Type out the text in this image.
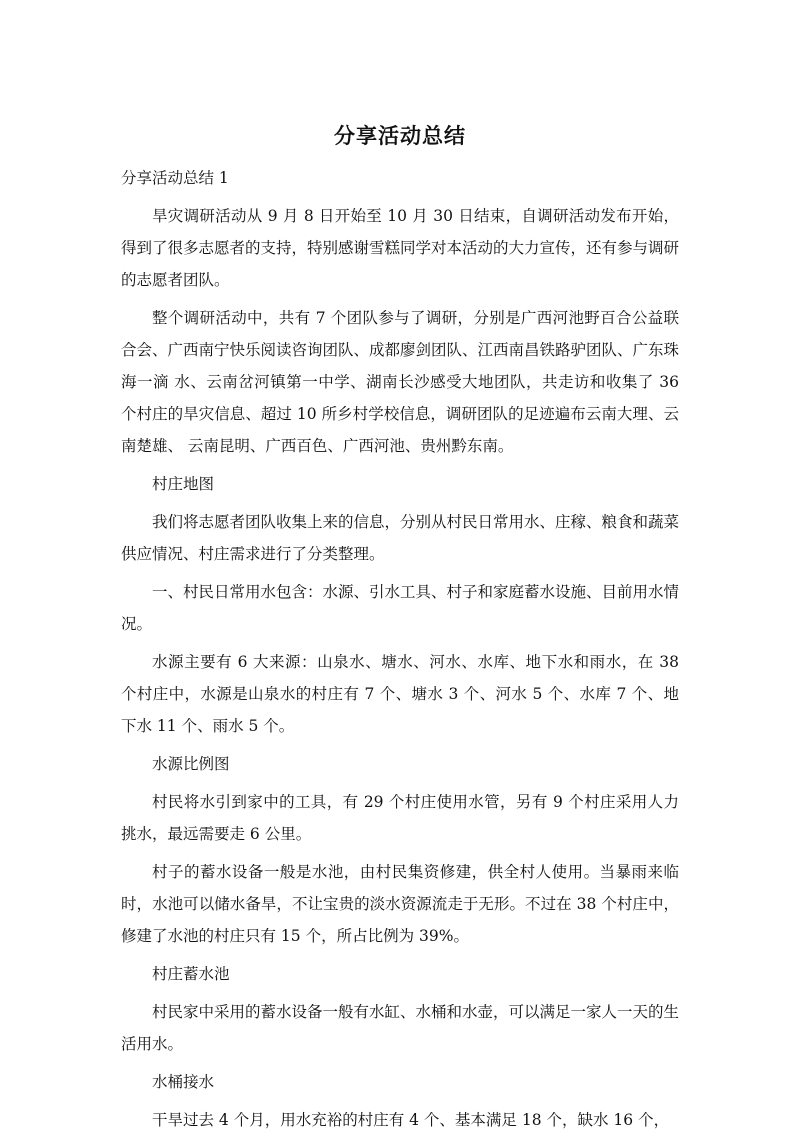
分享活动总结

分享活动总结 1

旱灾调研活动从 9 月 8 日开始至 10 月 30 日结束，自调研活动发布开始，得到了很多志愿者的支持，特别感谢雪糕同学对本活动的大力宣传，还有参与调研的志愿者团队。

整个调研活动中，共有 7 个团队参与了调研，分别是广西河池野百合公益联合会、广西南宁快乐阅读咨询团队、成都廖剑团队、江西南昌铁路驴团队、广东珠海一滴 水、云南岔河镇第一中学、湖南长沙感受大地团队，共走访和收集了 36 个村庄的旱灾信息、超过 10 所乡村学校信息，调研团队的足迹遍布云南大理、云南楚雄、 云南昆明、广西百色、广西河池、贵州黔东南。

村庄地图

我们将志愿者团队收集上来的信息，分别从村民日常用水、庄稼、粮食和蔬菜供应情况、村庄需求进行了分类整理。

一、村民日常用水包含：水源、引水工具、村子和家庭蓄水设施、目前用水情况。

水源主要有 6 大来源：山泉水、塘水、河水、水库、地下水和雨水，在 38 个村庄中，水源是山泉水的村庄有 7 个、塘水 3 个、河水 5 个、水库 7 个、地下水 11 个、雨水 5 个。

水源比例图

村民将水引到家中的工具，有 29 个村庄使用水管，另有 9 个村庄采用人力挑水，最远需要走 6 公里。

村子的蓄水设备一般是水池，由村民集资修建，供全村人使用。当暴雨来临时，水池可以储水备旱，不让宝贵的淡水资源流走于无形。不过在 38 个村庄中，修建了水池的村庄只有 15 个，所占比例为 39%。

村庄蓄水池

村民家中采用的蓄水设备一般有水缸、水桶和水壶，可以满足一家人一天的生活用水。

水桶接水

干旱过去 4 个月，用水充裕的村庄有 4 个、基本满足 18 个，缺水 16 个，
